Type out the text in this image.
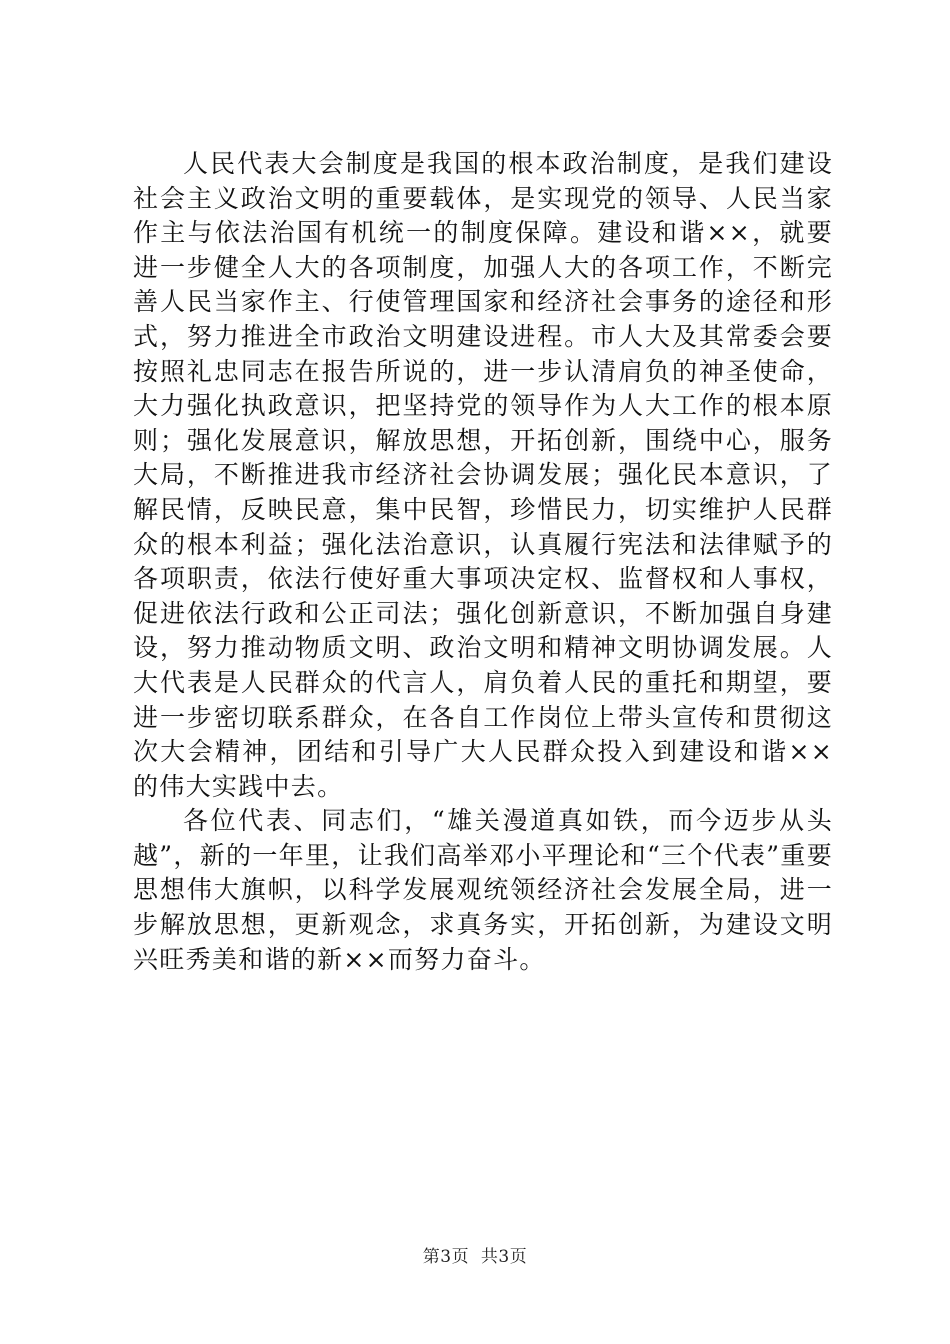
人民代表大会制度是我国的根本政治制度，是我们建设社会主义政治文明的重要载体，是实现党的领导、人民当家作主与依法治国有机统一的制度保障。建设和谐××，就要进一步健全人大的各项制度，加强人大的各项工作，不断完善人民当家作主、行使管理国家和经济社会事务的途径和形式，努力推进全市政治文明建设进程。市人大及其常委会要按照礼忠同志在报告所说的，进一步认清肩负的神圣使命，大力强化执政意识，把坚持党的领导作为人大工作的根本原则；强化发展意识，解放思想，开拓创新，围绕中心，服务大局，不断推进我市经济社会协调发展；强化民本意识，了解民情，反映民意，集中民智，珍惜民力，切实维护人民群众的根本利益；强化法治意识，认真履行宪法和法律赋予的各项职责，依法行使好重大事项决定权、监督权和人事权，促进依法行政和公正司法；强化创新意识，不断加强自身建设，努力推动物质文明、政治文明和精神文明协调发展。人大代表是人民群众的代言人，肩负着人民的重托和期望，要进一步密切联系群众，在各自工作岗位上带头宣传和贯彻这次大会精神，团结和引导广大人民群众投入到建设和谐××的伟大实践中去。

各位代表、同志们，“雄关漫道真如铁，而今迈步从头越”，新的一年里，让我们高举邓小平理论和“三个代表”重要思想伟大旗帜，以科学发展观统领经济社会发展全局，进一步解放思想，更新观念，求真务实，开拓创新，为建设文明兴旺秀美和谐的新××而努力奋斗。

第3页  共3页
